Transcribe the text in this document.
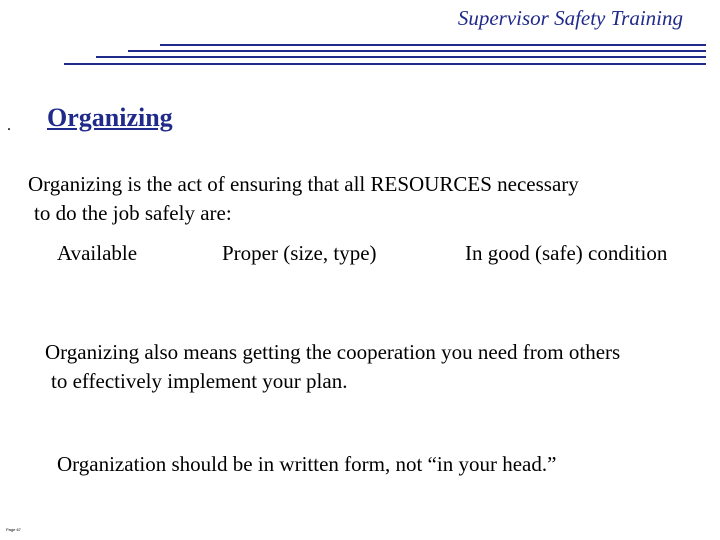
Supervisor Safety Training
. Organizing
Organizing is the act of ensuring that all RESOURCES necessary
to do the job safely are:
Available	Proper (size, type)	In good (safe) condition
Organizing also means getting the cooperation you need from others
to effectively implement your plan.
Organization should be in written form, not “in your head.”
Page 67
